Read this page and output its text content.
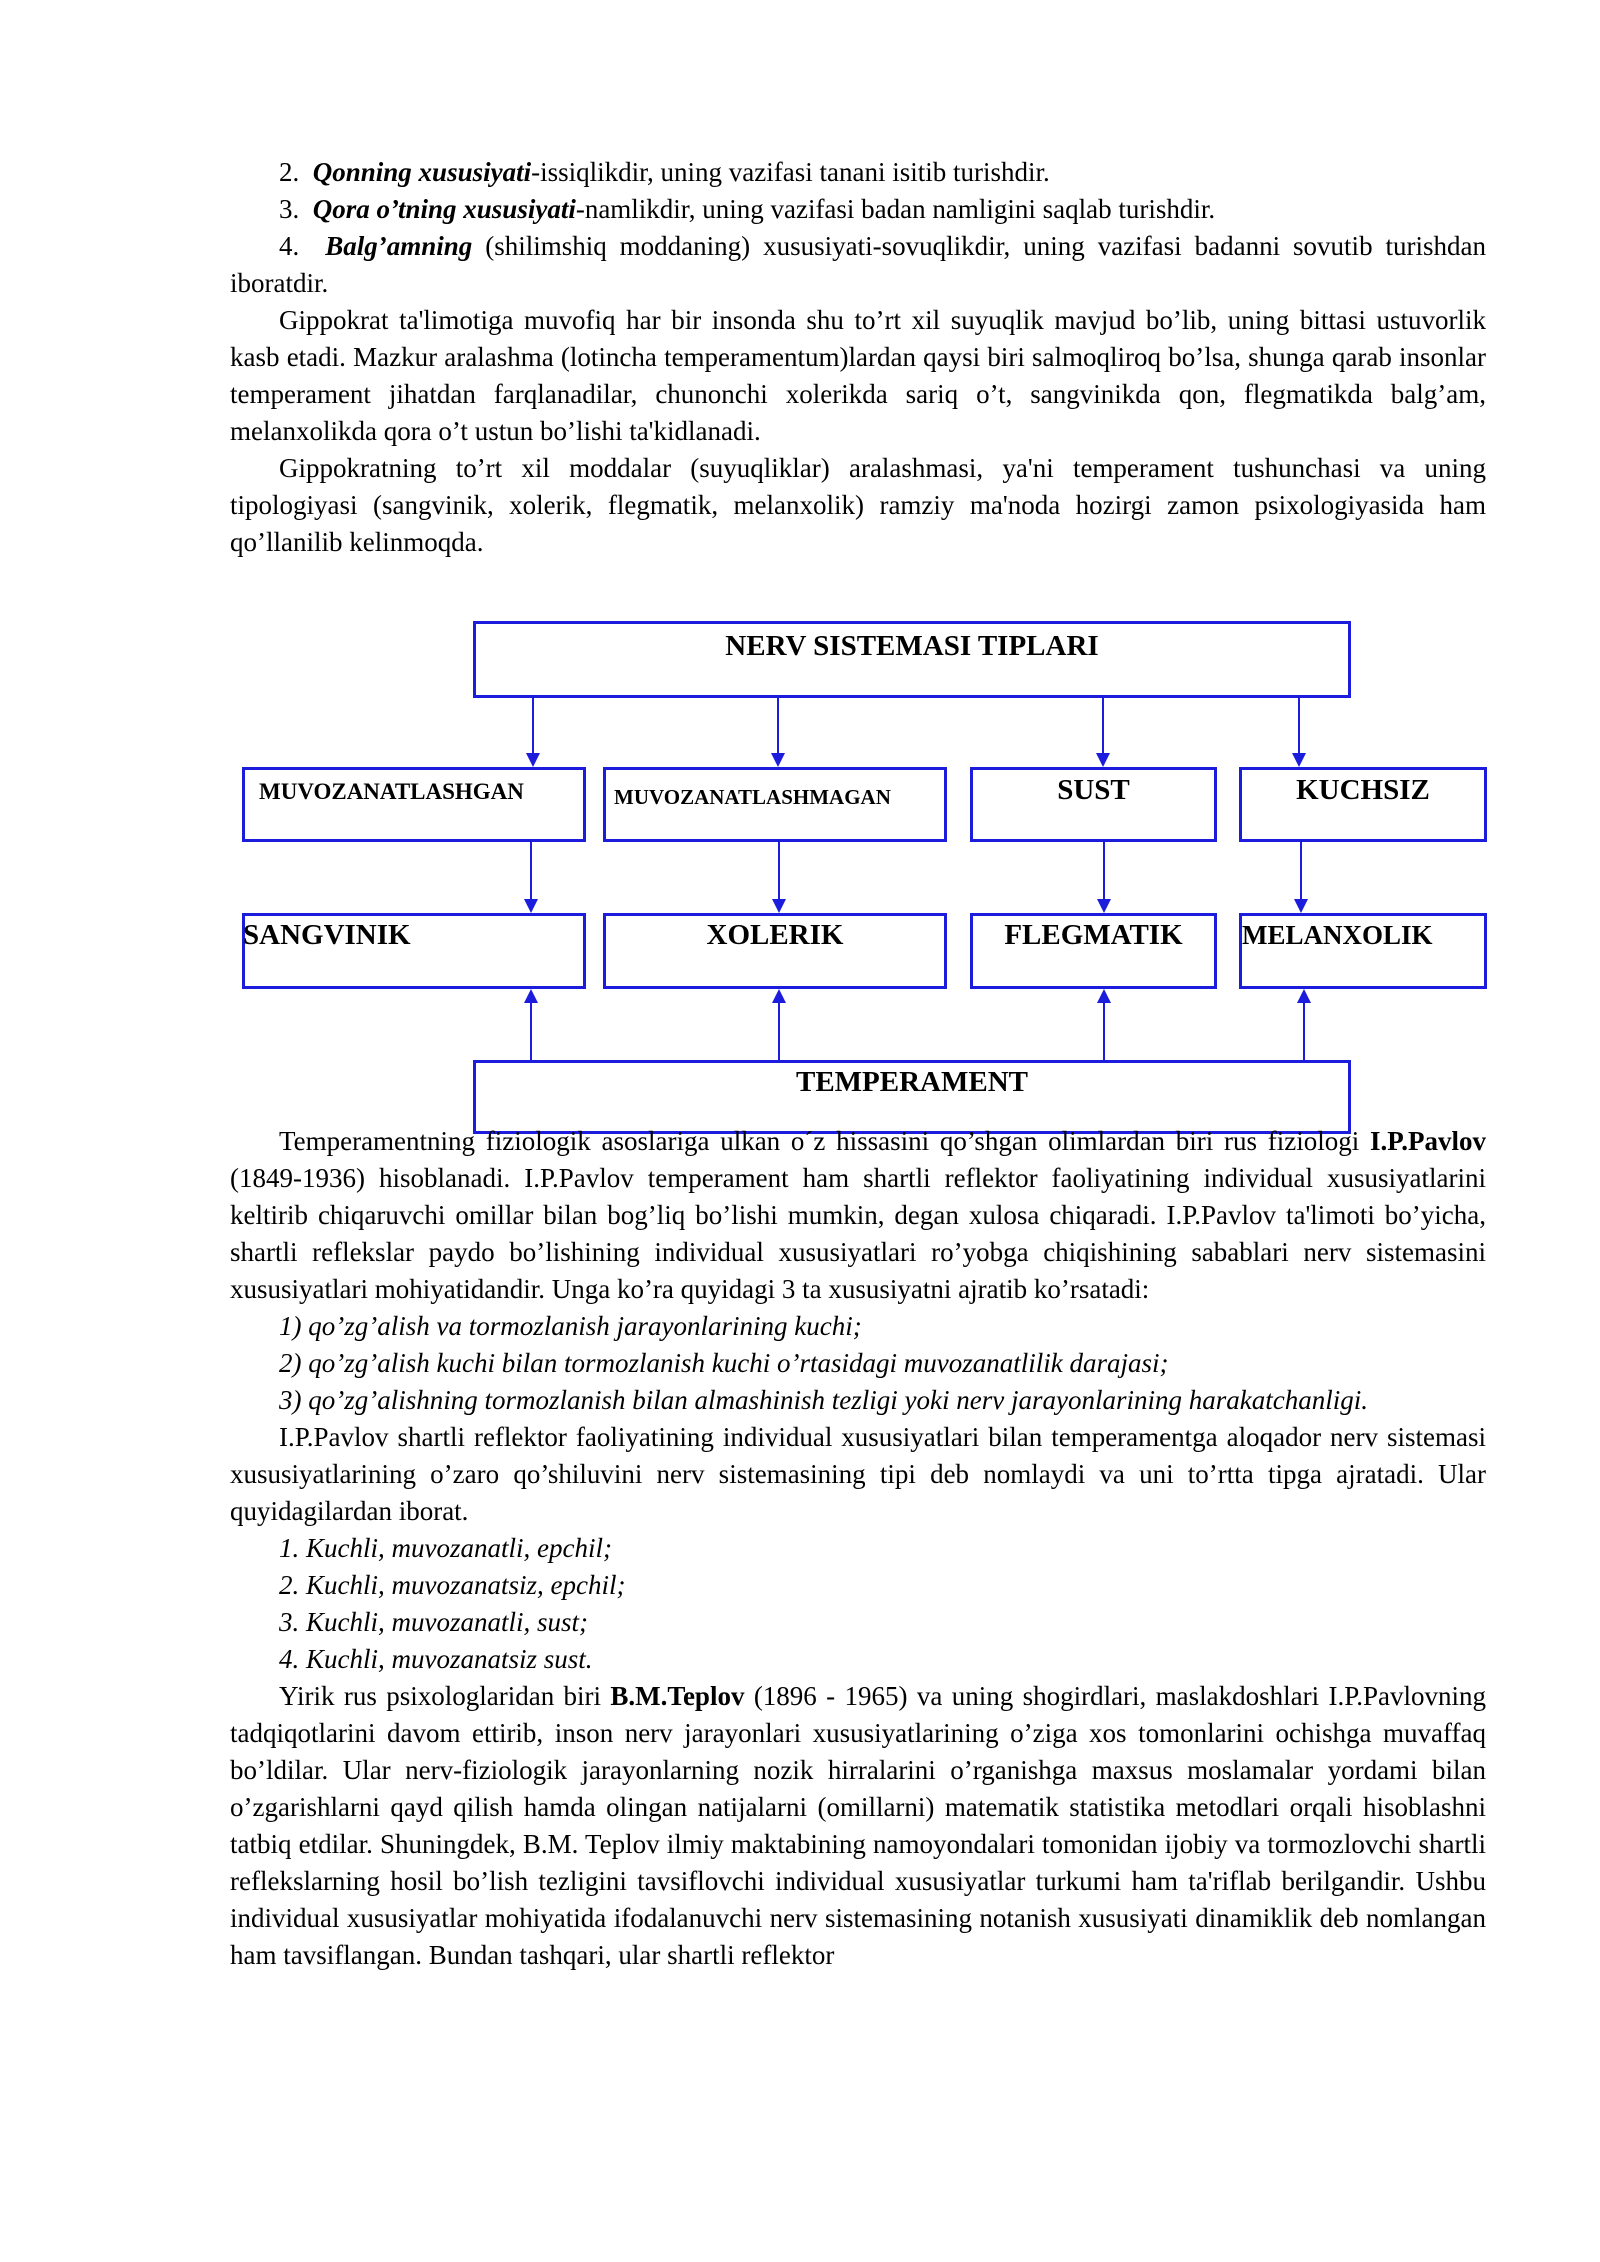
2. Qonning xususiyati-issiqlikdir, uning vazifasi tanani isitib turishdir.

3. Qora o’tning xususiyati-namlikdir, uning vazifasi badan namligini saqlab turishdir.

4. Balg’amning (shilimshiq moddaning) xususiyati-sovuqlikdir, uning vazifasi badanni sovutib turishdan iboratdir.

Gippokrat ta'limotiga muvofiq har bir insonda shu to’rt xil suyuqlik mavjud bo’lib, uning bittasi ustuvorlik kasb etadi. Mazkur aralashma (lotincha temperamentum)lardan qaysi biri salmoqliroq bo’lsa, shunga qarab insonlar temperament jihatdan farqlanadilar, chunonchi xolerikda sariq o’t, sangvinikda qon, flegmatikda balg’am, melanxolikda qora o’t ustun bo’lishi ta'kidlanadi.

Gippokratning to’rt xil moddalar (suyuqliklar) aralashmasi, ya'ni temperament tushunchasi va uning tipologiyasi (sangvinik, xolerik, flegmatik, melanxolik) ramziy ma'noda hozirgi zamon psixologiyasida ham qo’llanilib kelinmoqda.

NERV SISTEMASI TIPLARI
MUVOZANATLASHGAN	MUVOZANATLASHMAGAN	SUST	KUCHSIZ
SANGVINIK	XOLERIK	FLEGMATIK	MELANXOLIK
TEMPERAMENT

Temperamentning fiziologik asoslariga ulkan o´z hissasini qo’shgan olimlardan biri rus fiziologi I.P.Pavlov (1849-1936) hisoblanadi. I.P.Pavlov temperament ham shartli reflektor faoliyatining individual xususiyatlarini keltirib chiqaruvchi omillar bilan bog’liq bo’lishi mumkin, degan xulosa chiqaradi. I.P.Pavlov ta'limoti bo’yicha, shartli reflekslar paydo bo’lishining individual xususiyatlari ro’yobga chiqishining sabablari nerv sistemasini xususiyatlari mohiyatidandir. Unga ko’ra quyidagi 3 ta xususiyatni ajratib ko’rsatadi:

1) qo’zg’alish va tormozlanish jarayonlarining kuchi;

2) qo’zg’alish kuchi bilan tormozlanish kuchi o’rtasidagi muvozanatlilik darajasi;

3) qo’zg’alishning tormozlanish bilan almashinish tezligi yoki nerv jarayonlarining harakatchanligi.

I.P.Pavlov shartli reflektor faoliyatining individual xususiyatlari bilan temperamentga aloqador nerv sistemasi xususiyatlarining o’zaro qo’shiluvini nerv sistemasining tipi deb nomlaydi va uni to’rtta tipga ajratadi. Ular quyidagilardan iborat.

1. Kuchli, muvozanatli, epchil;

2. Kuchli, muvozanatsiz, epchil;

3. Kuchli, muvozanatli, sust;

4. Kuchli, muvozanatsiz sust.

Yirik rus psixologlaridan biri B.M.Teplov (1896 - 1965) va uning shogirdlari, maslakdoshlari I.P.Pavlovning tadqiqotlarini davom ettirib, inson nerv jarayonlari xususiyatlarining o’ziga xos tomonlarini ochishga muvaffaq bo’ldilar. Ular nerv-fiziologik jarayonlarning nozik hirralarini o’rganishga maxsus moslamalar yordami bilan o’zgarishlarni qayd qilish hamda olingan natijalarni (omillarni) matematik statistika metodlari orqali hisoblashni tatbiq etdilar. Shuningdek, B.M. Teplov ilmiy maktabining namoyondalari tomonidan ijobiy va tormozlovchi shartli reflekslarning hosil bo’lish tezligini tavsiflovchi individual xususiyatlar turkumi ham ta'riflab berilgandir. Ushbu individual xususiyatlar mohiyatida ifodalanuvchi nerv sistemasining notanish xususiyati dinamiklik deb nomlangan ham tavsiflangan. Bundan tashqari, ular shartli reflektor
